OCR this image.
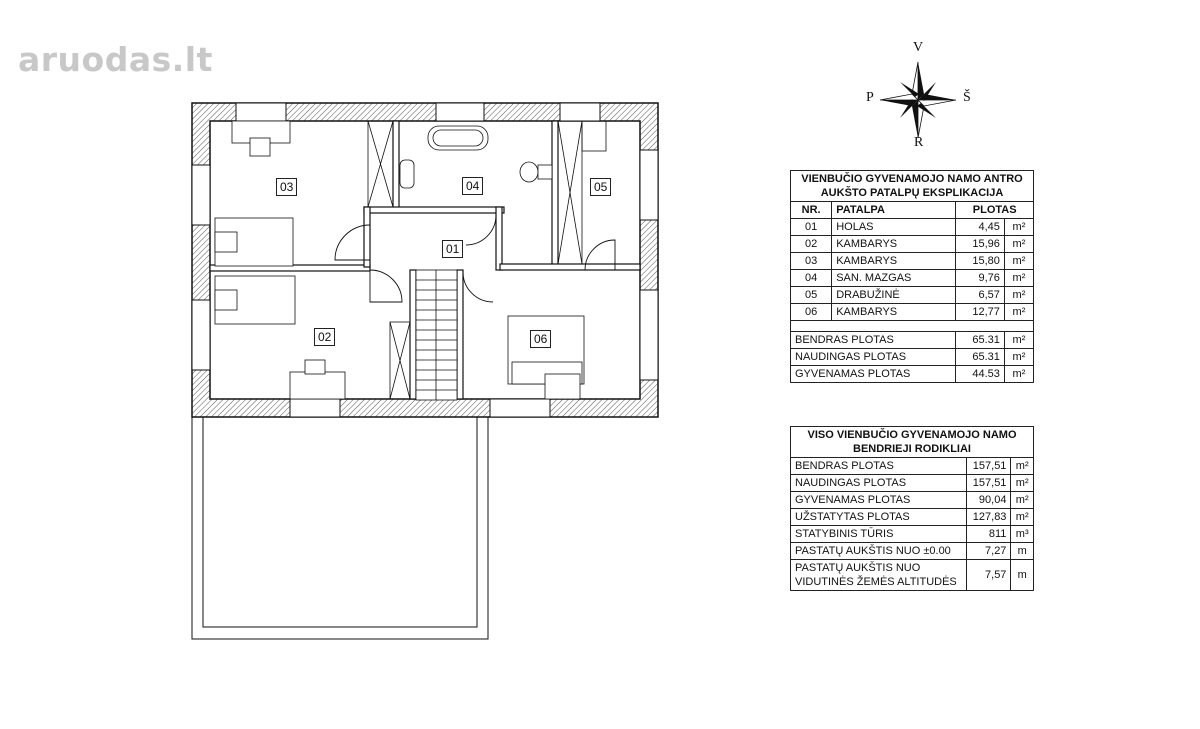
aruodas.lt	V
R
P	Š
01
02
03	04	05
06
VIENBUČIO GYVENAMOJO NAMO ANTRO
AUKŠTO PATALPŲ EKSPLIKACIJA			
NR.	PATALPA	PLOTAS	
01	HOLAS	4,45	m²
02	KAMBARYS	15,96	m²
03	KAMBARYS	15,80	m²
04	SAN. MAZGAS	9,76	m²
05	DRABUŽINĖ	6,57	m²
06	KAMBARYS	12,77	m²

BENDRAS PLOTAS		65.31	m²
NAUDINGAS PLOTAS		65.31	m²
GYVENAMAS PLOTAS		44.53	m²
VISO VIENBUČIO GYVENAMOJO NAMO
BENDRIEJI RODIKLIAI		
BENDRAS PLOTAS	157,51	m²
NAUDINGAS PLOTAS	157,51	m²
GYVENAMAS PLOTAS	90,04	m²
UŽSTATYTAS PLOTAS	127,83	m²
STATYBINIS TŪRIS	811	m³
PASTATŲ AUKŠTIS NUO ±0.00	7,27	m
PASTATŲ AUKŠTIS NUO
VIDUTINĖS ŽEMĖS ALTITUDĖS	7,57	m
